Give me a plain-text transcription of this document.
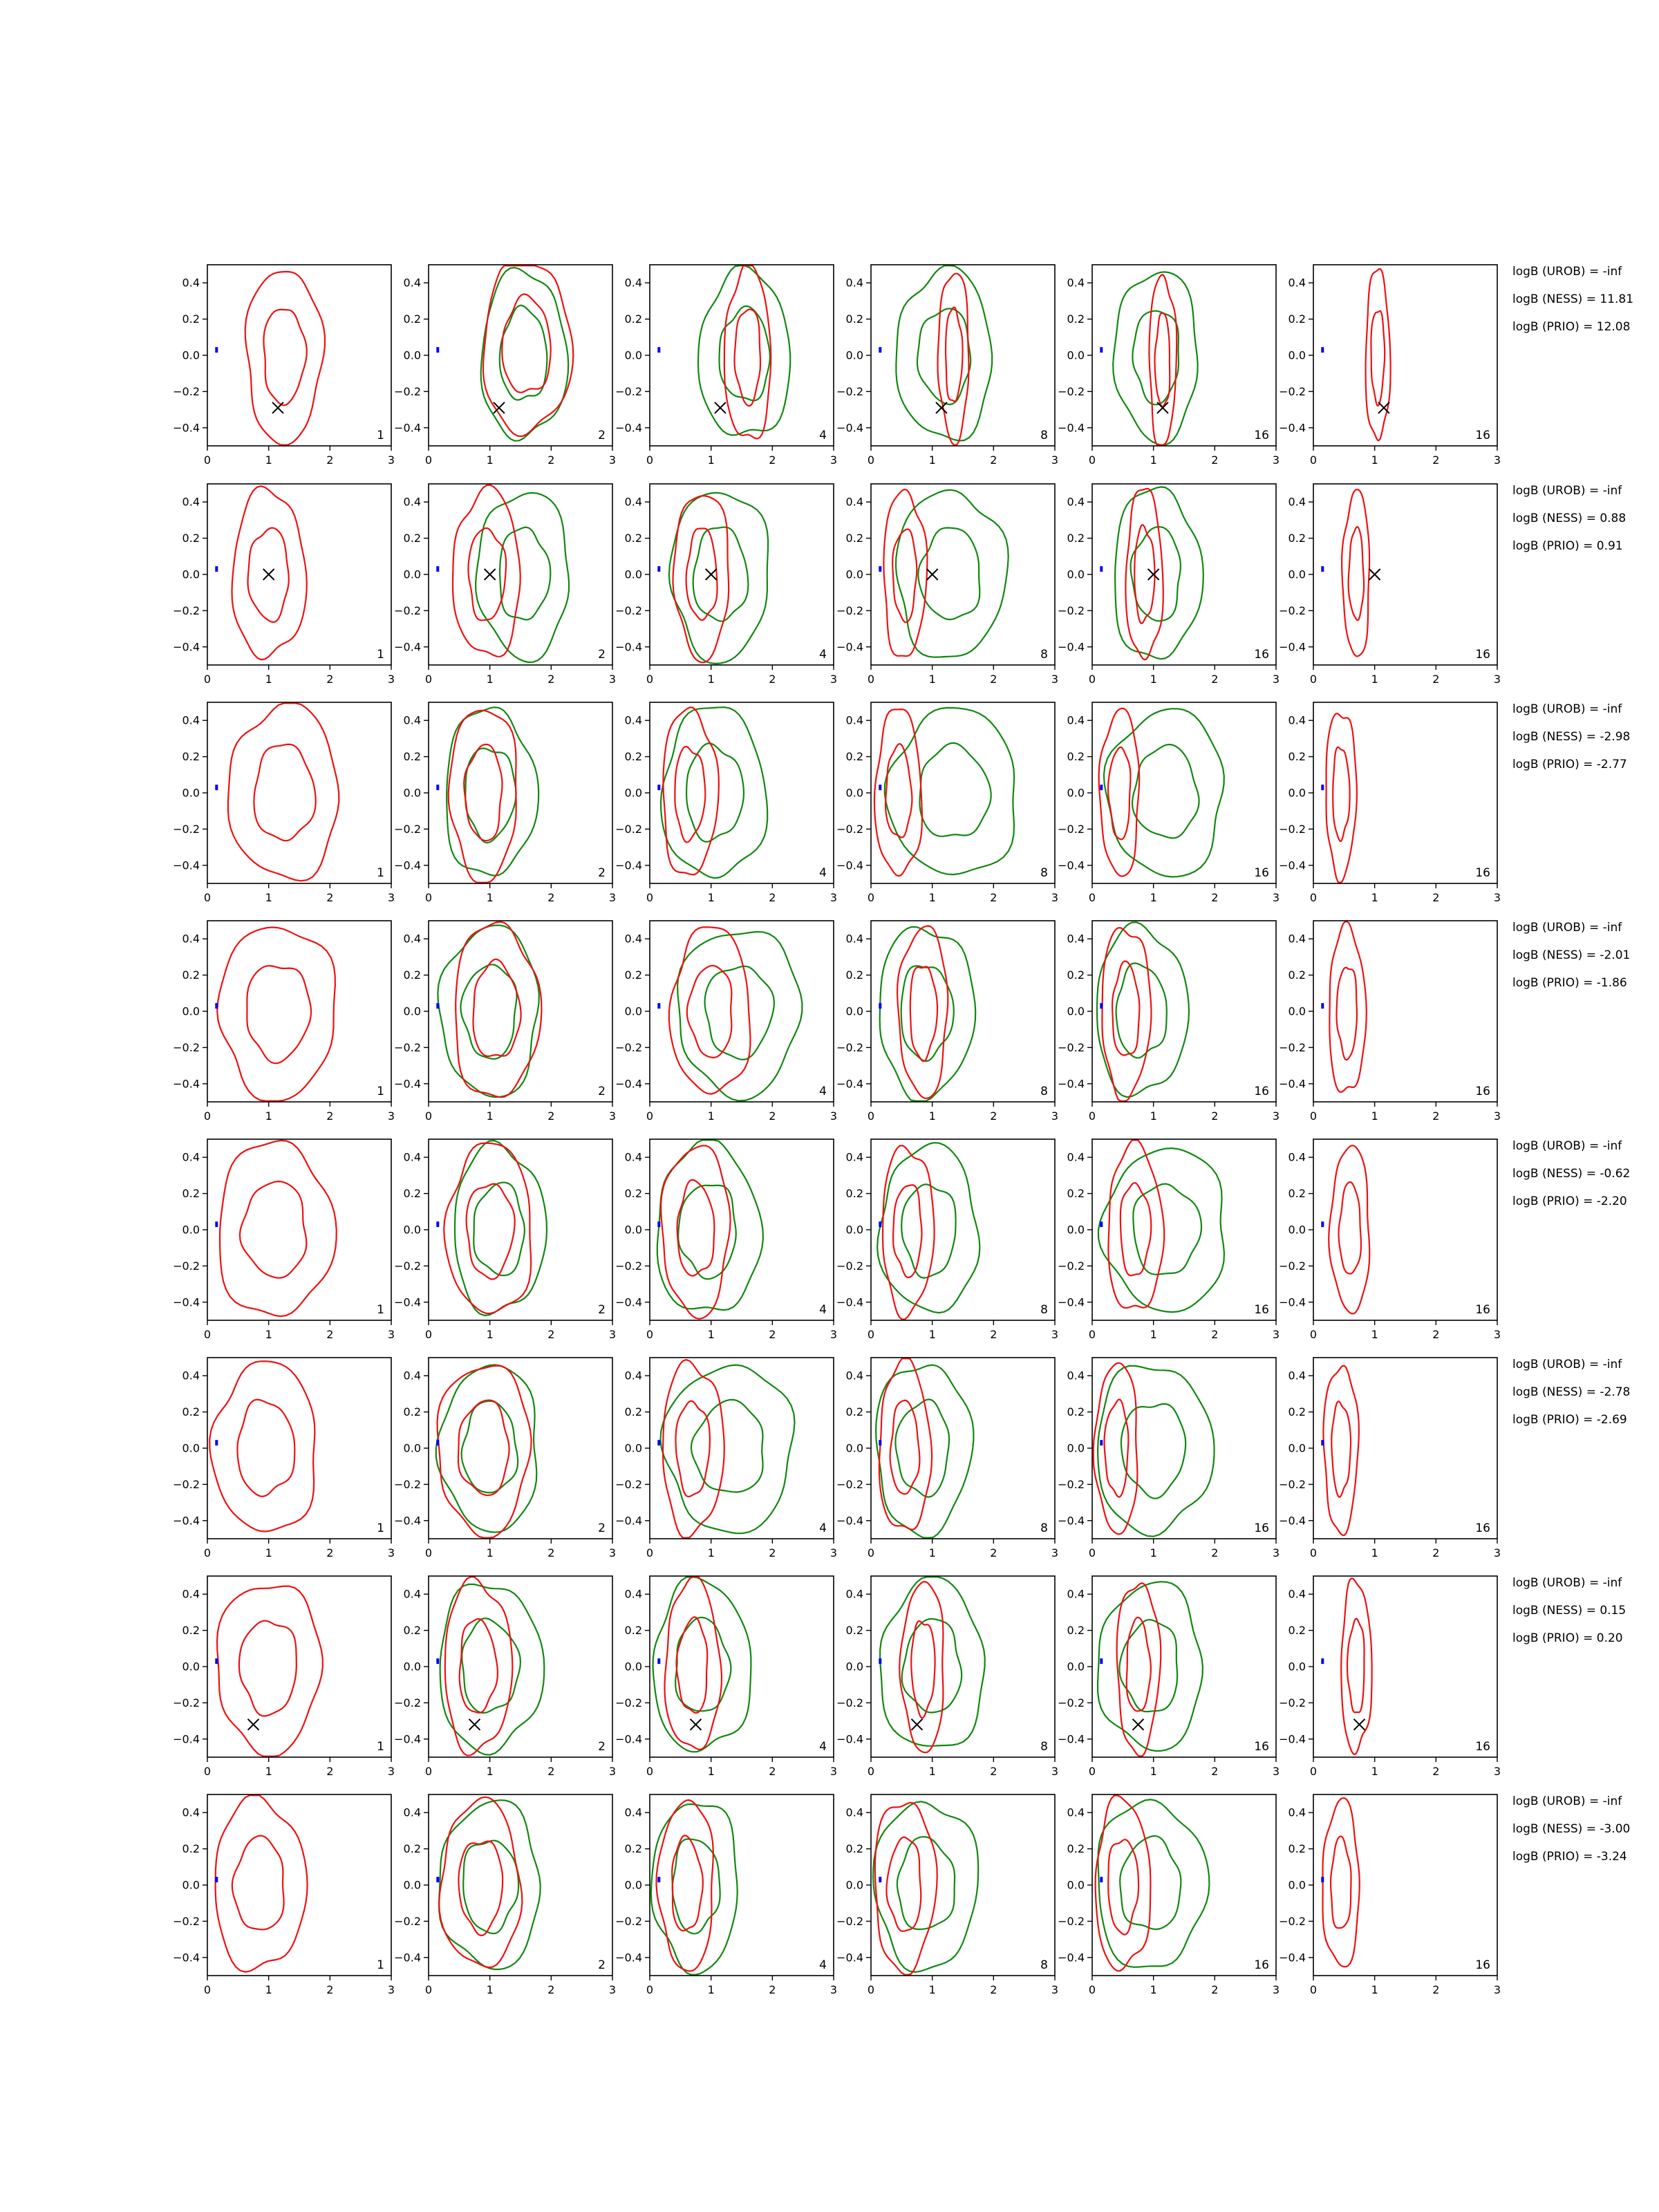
0	1	2	3
−0.4
−0.2
0.0
0.2
0.4
1
0	1	2	3
−0.4
−0.2
0.0
0.2
0.4
2
0	1	2	3
−0.4
−0.2
0.0
0.2
0.4
4
0	1	2	3
−0.4
−0.2
0.0
0.2
0.4
8
0	1	2	3
−0.4
−0.2
0.0
0.2
0.4
16
0	1	2	3
−0.4
−0.2
0.0
0.2
0.4
16
0	1	2	3
−0.4
−0.2
0.0
0.2
0.4
1
0	1	2	3
−0.4
−0.2
0.0
0.2
0.4
2
0	1	2	3
−0.4
−0.2
0.0
0.2
0.4
4
0	1	2	3
−0.4
−0.2
0.0
0.2
0.4
8
0	1	2	3
−0.4
−0.2
0.0
0.2
0.4
16
0	1	2	3
−0.4
−0.2
0.0
0.2
0.4
16
0	1	2	3
−0.4
−0.2
0.0
0.2
0.4
1
0	1	2	3
−0.4
−0.2
0.0
0.2
0.4
2
0	1	2	3
−0.4
−0.2
0.0
0.2
0.4
4
0	1	2	3
−0.4
−0.2
0.0
0.2
0.4
8
0	1	2	3
−0.4
−0.2
0.0
0.2
0.4
16
0	1	2	3
−0.4
−0.2
0.0
0.2
0.4
16
0	1	2	3
−0.4
−0.2
0.0
0.2
0.4
1
0	1	2	3
−0.4
−0.2
0.0
0.2
0.4
2
0	1	2	3
−0.4
−0.2
0.0
0.2
0.4
4
0	1	2	3
−0.4
−0.2
0.0
0.2
0.4
8
0	1	2	3
−0.4
−0.2
0.0
0.2
0.4
16
0	1	2	3
−0.4
−0.2
0.0
0.2
0.4
16
0	1	2	3
−0.4
−0.2
0.0
0.2
0.4
1
0	1	2	3
−0.4
−0.2
0.0
0.2
0.4
2
0	1	2	3
−0.4
−0.2
0.0
0.2
0.4
4
0	1	2	3
−0.4
−0.2
0.0
0.2
0.4
8
0	1	2	3
−0.4
−0.2
0.0
0.2
0.4
16
0	1	2	3
−0.4
−0.2
0.0
0.2
0.4
16
0	1	2	3
−0.4
−0.2
0.0
0.2
0.4
1
0	1	2	3
−0.4
−0.2
0.0
0.2
0.4
2
0	1	2	3
−0.4
−0.2
0.0
0.2
0.4
4
0	1	2	3
−0.4
−0.2
0.0
0.2
0.4
8
0	1	2	3
−0.4
−0.2
0.0
0.2
0.4
16
0	1	2	3
−0.4
−0.2
0.0
0.2
0.4
16
0	1	2	3
−0.4
−0.2
0.0
0.2
0.4
1
0	1	2	3
−0.4
−0.2
0.0
0.2
0.4
2
0	1	2	3
−0.4
−0.2
0.0
0.2
0.4
4
0	1	2	3
−0.4
−0.2
0.0
0.2
0.4
8
0	1	2	3
−0.4
−0.2
0.0
0.2
0.4
16
0	1	2	3
−0.4
−0.2
0.0
0.2
0.4
16
0	1	2	3
−0.4
−0.2
0.0
0.2
0.4
1
0	1	2	3
−0.4
−0.2
0.0
0.2
0.4
2
0	1	2	3
−0.4
−0.2
0.0
0.2
0.4
4
0	1	2	3
−0.4
−0.2
0.0
0.2
0.4
8
0	1	2	3
−0.4
−0.2
0.0
0.2
0.4
16
0	1	2	3
−0.4
−0.2
0.0
0.2
0.4
16
logB (UROB) = -inf
logB (NESS) = 11.81
logB (PRIO) = 12.08
logB (UROB) = -inf
logB (NESS) = 0.88
logB (PRIO) = 0.91
logB (UROB) = -inf
logB (NESS) = -2.98
logB (PRIO) = -2.77
logB (UROB) = -inf
logB (NESS) = -2.01
logB (PRIO) = -1.86
logB (UROB) = -inf
logB (NESS) = -0.62
logB (PRIO) = -2.20
logB (UROB) = -inf
logB (NESS) = -2.78
logB (PRIO) = -2.69
logB (UROB) = -inf
logB (NESS) = 0.15
logB (PRIO) = 0.20
logB (UROB) = -inf
logB (NESS) = -3.00
logB (PRIO) = -3.24
